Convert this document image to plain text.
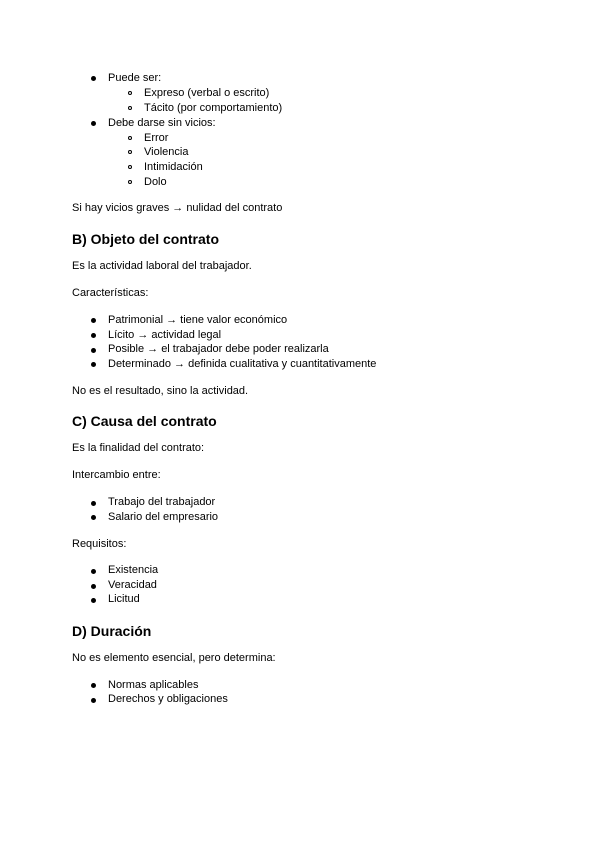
Puede ser:
Expreso (verbal o escrito)
Tácito (por comportamiento)
Debe darse sin vicios:
Error
Violencia
Intimidación
Dolo
Si hay vicios graves → nulidad del contrato
B) Objeto del contrato
Es la actividad laboral del trabajador.
Características:
Patrimonial → tiene valor económico
Lícito → actividad legal
Posible → el trabajador debe poder realizarla
Determinado → definida cualitativa y cuantitativamente
No es el resultado, sino la actividad.
C) Causa del contrato
Es la finalidad del contrato:
Intercambio entre:
Trabajo del trabajador
Salario del empresario
Requisitos:
Existencia
Veracidad
Licitud
D) Duración
No es elemento esencial, pero determina:
Normas aplicables
Derechos y obligaciones
